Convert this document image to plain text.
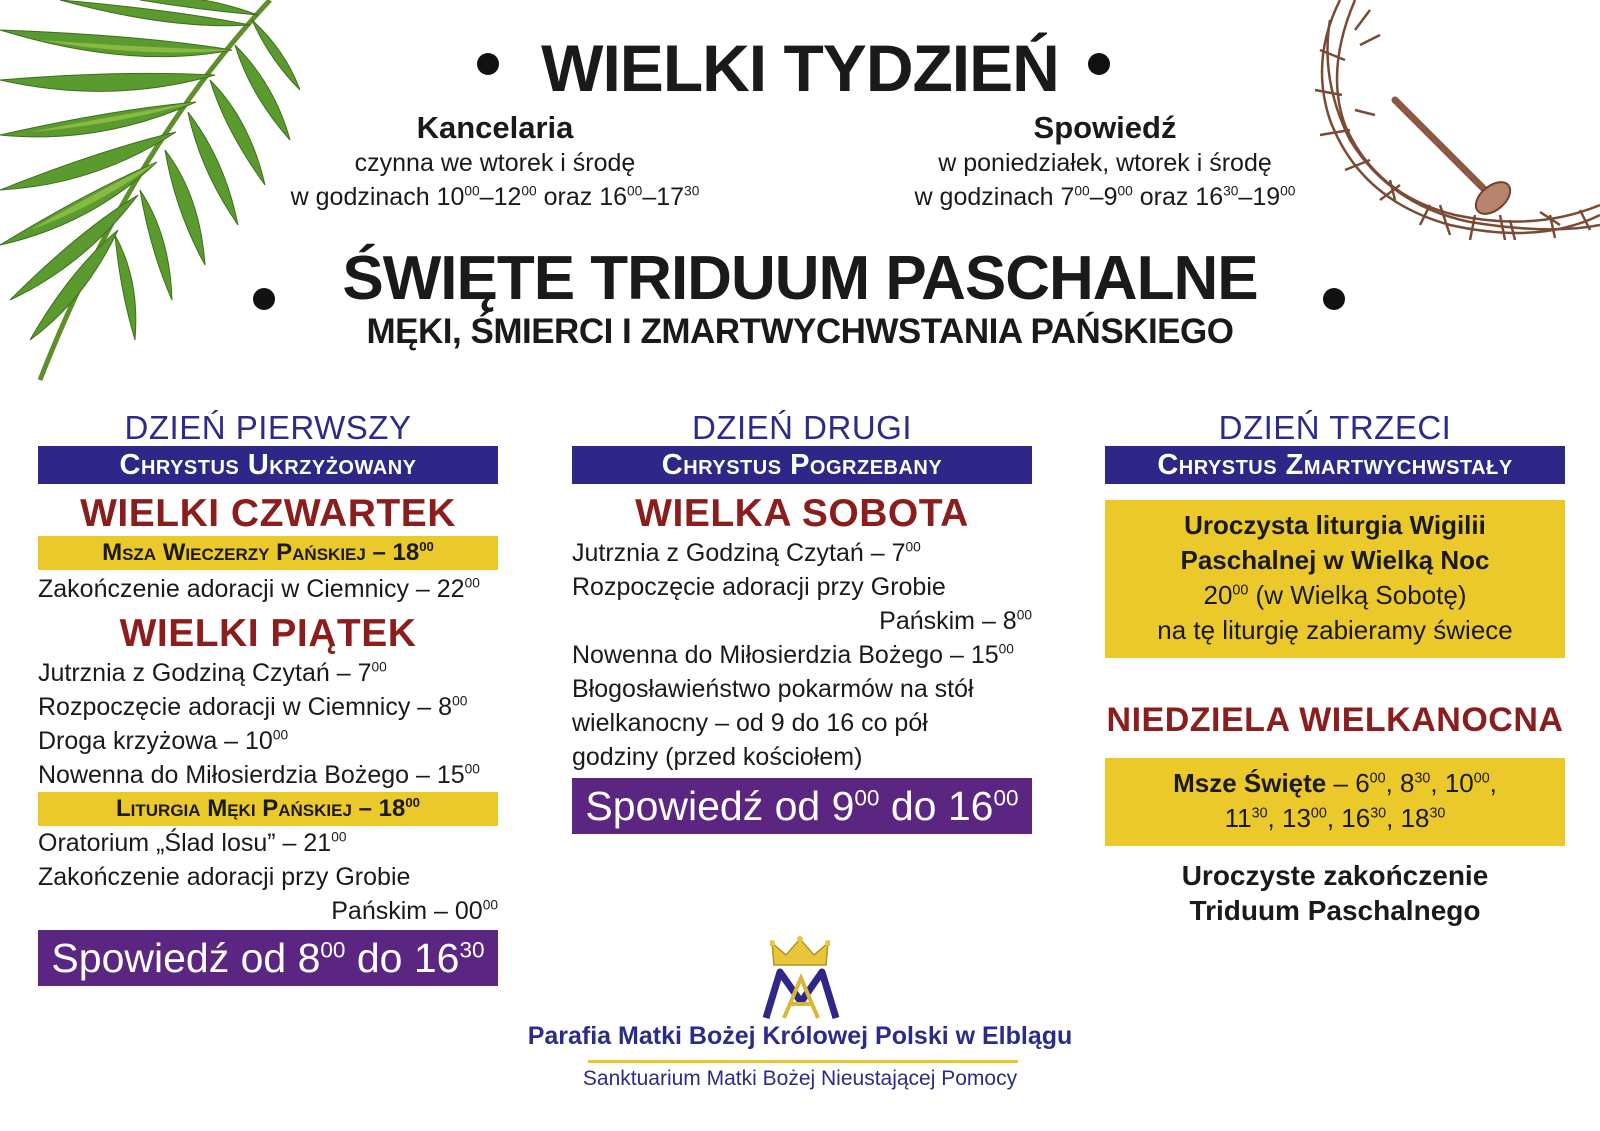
WIELKI TYDZIEŃ
Kancelaria
czynna we wtorek i środę
w godzinach $10^{00}-12^{00}$ oraz $16^{00}-17^{30}$
Spowiedź
w poniedziałek, wtorek i środę
w godzinach $7^{00}-9^{00}$ oraz $16^{30}-19^{00}$
ŚWIĘTE TRIDUUM PASCHALNE
MĘKI, ŚMIERCI I ZMARTWYCHWSTANIA PAŃSKIEGO
DZIEŃ PIERWSZY
Chrystus Ukrzyżowany
WIELKI CZWARTEK
Msza Wieczerzy Pańskiej – $18^{00}$
Zakończenie adoracji w Ciemnicy – $22^{00}$
WIELKI PIĄTEK
Jutrznia z Godziną Czytań – $7^{00}$
Rozpoczęcie adoracji w Ciemnicy – $8^{00}$
Droga krzyżowa – $10^{00}$
Nowenna do Miłosierdzia Bożego – $15^{00}$
Liturgia Męki Pańskiej – $18^{00}$
Oratorium „Ślad losu” – $21^{00}$
Zakończenie adoracji przy Grobie
Pańskim – $00^{00}$
Spowiedź od $8^{00}$ do $16^{30}$
DZIEŃ DRUGI
Chrystus Pogrzebany
WIELKA SOBOTA
Jutrznia z Godziną Czytań – $7^{00}$
Rozpoczęcie adoracji przy Grobie
Pańskim – $8^{00}$
Nowenna do Miłosierdzia Bożego – $15^{00}$
Błogosławieństwo pokarmów na stół
wielkanocny – od 9 do 16 co pół
godziny (przed kościołem)
Spowiedź od $9^{00}$ do $16^{00}$
DZIEŃ TRZECI
Chrystus Zmartwychwstały
Uroczysta liturgia Wigilii
Paschalnej w Wielką Noc
$20^{00}$ (w Wielką Sobotę)
na tę liturgię zabieramy świece
NIEDZIELA WIELKANOCNA
Msze Święte – $6^{00}$, $8^{30}$, $10^{00}$,
$11^{30}$, $13^{00}$, $16^{30}$, $18^{30}$
Uroczyste zakończenie
Triduum Paschalnego
Parafia Matki Bożej Królowej Polski w Elblągu
Sanktuarium Matki Bożej Nieustającej Pomocy
